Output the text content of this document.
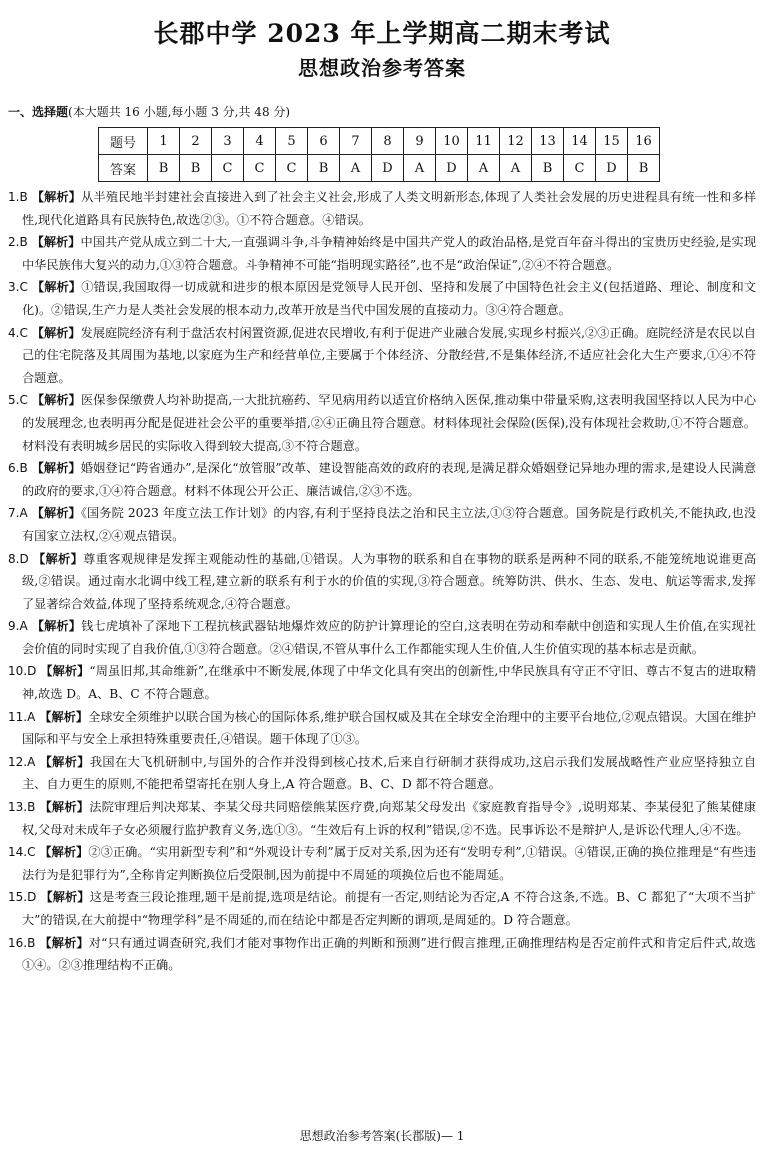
长郡中学 2023 年上学期高二期末考试
思想政治参考答案
一、选择题(本大题共 16 小题,每小题 3 分,共 48 分)
题号	1	2	3	4	5	6	7	8	9	10	11	12	13	14	15	16
答案	B	B	C	C	C	B	A	D	A	D	A	A	B	C	D	B
1.B 【解析】从半殖民地半封建社会直接进入到了社会主义社会,形成了人类文明新形态,体现了人类社会发展的历史进程具有统一性和多样性,现代化道路具有民族特色,故选②③。①不符合题意。④错误。
2.B 【解析】中国共产党从成立到二十大,一直强调斗争,斗争精神始终是中国共产党人的政治品格,是党百年奋斗得出的宝贵历史经验,是实现中华民族伟大复兴的动力,①③符合题意。斗争精神不可能“指明现实路径”,也不是“政治保证”,②④不符合题意。
3.C 【解析】①错误,我国取得一切成就和进步的根本原因是党领导人民开创、坚持和发展了中国特色社会主义(包括道路、理论、制度和文化)。②错误,生产力是人类社会发展的根本动力,改革开放是当代中国发展的直接动力。③④符合题意。
4.C 【解析】发展庭院经济有利于盘活农村闲置资源,促进农民增收,有利于促进产业融合发展,实现乡村振兴,②③正确。庭院经济是农民以自己的住宅院落及其周围为基地,以家庭为生产和经营单位,主要属于个体经济、分散经营,不是集体经济,不适应社会化大生产要求,①④不符合题意。
5.C 【解析】医保参保缴费人均补助提高,一大批抗癌药、罕见病用药以适宜价格纳入医保,推动集中带量采购,这表明我国坚持以人民为中心的发展理念,也表明再分配是促进社会公平的重要举措,②④正确且符合题意。材料体现社会保险(医保),没有体现社会救助,①不符合题意。材料没有表明城乡居民的实际收入得到较大提高,③不符合题意。
6.B 【解析】婚姻登记“跨省通办”,是深化“放管服”改革、建设智能高效的政府的表现,是满足群众婚姻登记异地办理的需求,是建设人民满意的政府的要求,①④符合题意。材料不体现公开公正、廉洁诚信,②③不选。
7.A 【解析】《国务院 2023 年度立法工作计划》的内容,有利于坚持良法之治和民主立法,①③符合题意。国务院是行政机关,不能执政,也没有国家立法权,②④观点错误。
8.D 【解析】尊重客观规律是发挥主观能动性的基础,①错误。人为事物的联系和自在事物的联系是两种不同的联系,不能笼统地说谁更高级,②错误。通过南水北调中线工程,建立新的联系有利于水的价值的实现,③符合题意。统筹防洪、供水、生态、发电、航运等需求,发挥了显著综合效益,体现了坚持系统观念,④符合题意。
9.A 【解析】钱七虎填补了深地下工程抗核武器钻地爆炸效应的防护计算理论的空白,这表明在劳动和奉献中创造和实现人生价值,在实现社会价值的同时实现了自我价值,①③符合题意。②④错误,不管从事什么工作都能实现人生价值,人生价值实现的基本标志是贡献。
10.D 【解析】“周虽旧邦,其命维新”,在继承中不断发展,体现了中华文化具有突出的创新性,中华民族具有守正不守旧、尊古不复古的进取精神,故选 D。A、B、C 不符合题意。
11.A 【解析】全球安全须维护以联合国为核心的国际体系,维护联合国权威及其在全球安全治理中的主要平台地位,②观点错误。大国在维护国际和平与安全上承担特殊重要责任,④错误。题干体现了①③。
12.A 【解析】我国在大飞机研制中,与国外的合作并没得到核心技术,后来自行研制才获得成功,这启示我们发展战略性产业应坚持独立自主、自力更生的原则,不能把希望寄托在别人身上,A 符合题意。B、C、D 都不符合题意。
13.B 【解析】法院审理后判决郑某、李某父母共同赔偿熊某医疗费,向郑某父母发出《家庭教育指导令》,说明郑某、李某侵犯了熊某健康权,父母对未成年子女必须履行监护教育义务,选①③。“生效后有上诉的权利”错误,②不选。民事诉讼不是辩护人,是诉讼代理人,④不选。
14.C 【解析】②③正确。“实用新型专利”和“外观设计专利”属于反对关系,因为还有“发明专利”,①错误。④错误,正确的换位推理是“有些违法行为是犯罪行为”,全称肯定判断换位后受限制,因为前提中不周延的项换位后也不能周延。
15.D 【解析】这是考查三段论推理,题干是前提,选项是结论。前提有一否定,则结论为否定,A 不符合这条,不选。B、C 都犯了“大项不当扩大”的错误,在大前提中“物理学科”是不周延的,而在结论中都是否定判断的谓项,是周延的。D 符合题意。
16.B 【解析】对“只有通过调查研究,我们才能对事物作出正确的判断和预测”进行假言推理,正确推理结构是否定前件式和肯定后件式,故选①④。②③推理结构不正确。
思想政治参考答案(长郡版)— 1
